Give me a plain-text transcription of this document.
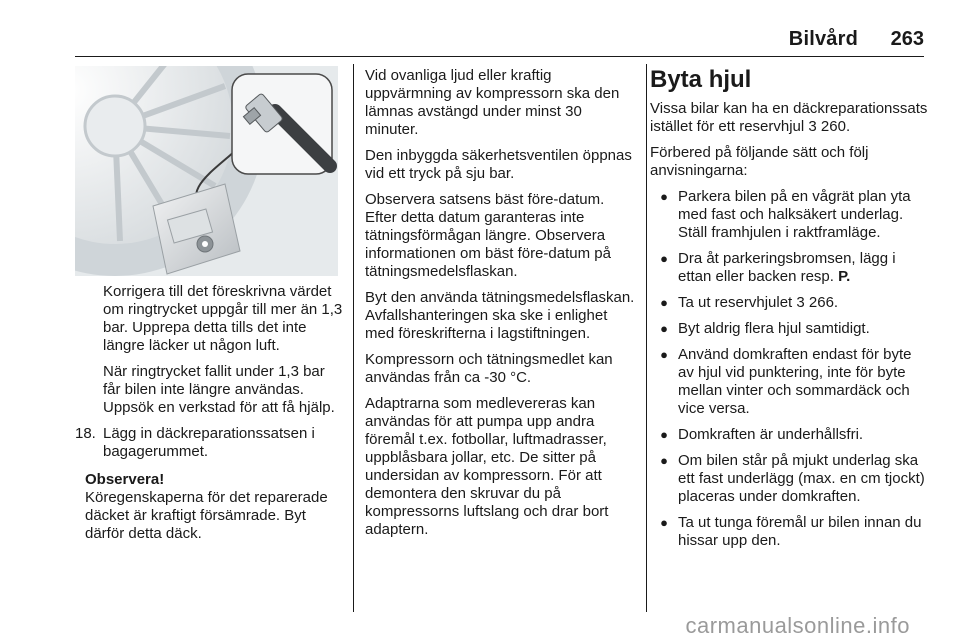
Bilvård 263

Korrigera till det föreskrivna värdet om ringtrycket uppgår till mer än 1,3 bar. Upprepa detta tills det inte längre läcker ut någon luft.

När ringtrycket fallit under 1,3 bar får bilen inte längre användas. Uppsök en verkstad för att få hjälp.

18. Lägg in däckreparationssatsen i bagagerummet.
Observera!
Köregenskaperna för det reparerade däcket är kraftigt försämrade. Byt därför detta däck.

Vid ovanliga ljud eller kraftig uppvärmning av kompressorn ska den lämnas avstängd under minst 30 minuter.

Den inbyggda säkerhetsventilen öppnas vid ett tryck på sju bar.

Observera satsens bäst före-datum. Efter detta datum garanteras inte tätningsförmågan längre. Observera informationen om bäst före-datum på tätningsmedelsflaskan.

Byt den använda tätningsmedelsflaskan. Avfallshanteringen ska ske i enlighet med föreskrifterna i lagstiftningen.

Kompressorn och tätningsmedlet kan användas från ca -30 °C.

Adaptrarna som medlevereras kan användas för att pumpa upp andra föremål t.ex. fotbollar, luftmadrasser, uppblåsbara jollar, etc. De sitter på undersidan av kompressorn. För att demontera den skruvar du på kompressorns luftslang och drar bort adaptern.

Byta hjul

Vissa bilar kan ha en däckreparationssats istället för ett reservhjul 3 260.

Förbered på följande sätt och följ anvisningarna:

● Parkera bilen på en vågrät plan yta med fast och halksäkert underlag. Ställ framhjulen i raktframläge.
● Dra åt parkeringsbromsen, lägg i ettan eller backen resp. P.
● Ta ut reservhjulet 3 266.
● Byt aldrig flera hjul samtidigt.
● Använd domkraften endast för byte av hjul vid punktering, inte för byte mellan vinter och sommardäck och vice versa.
● Domkraften är underhållsfri.
● Om bilen står på mjukt underlag ska ett fast underlägg (max. en cm tjockt) placeras under domkraften.
● Ta ut tunga föremål ur bilen innan du hissar upp den.
carmanualsonline.info
